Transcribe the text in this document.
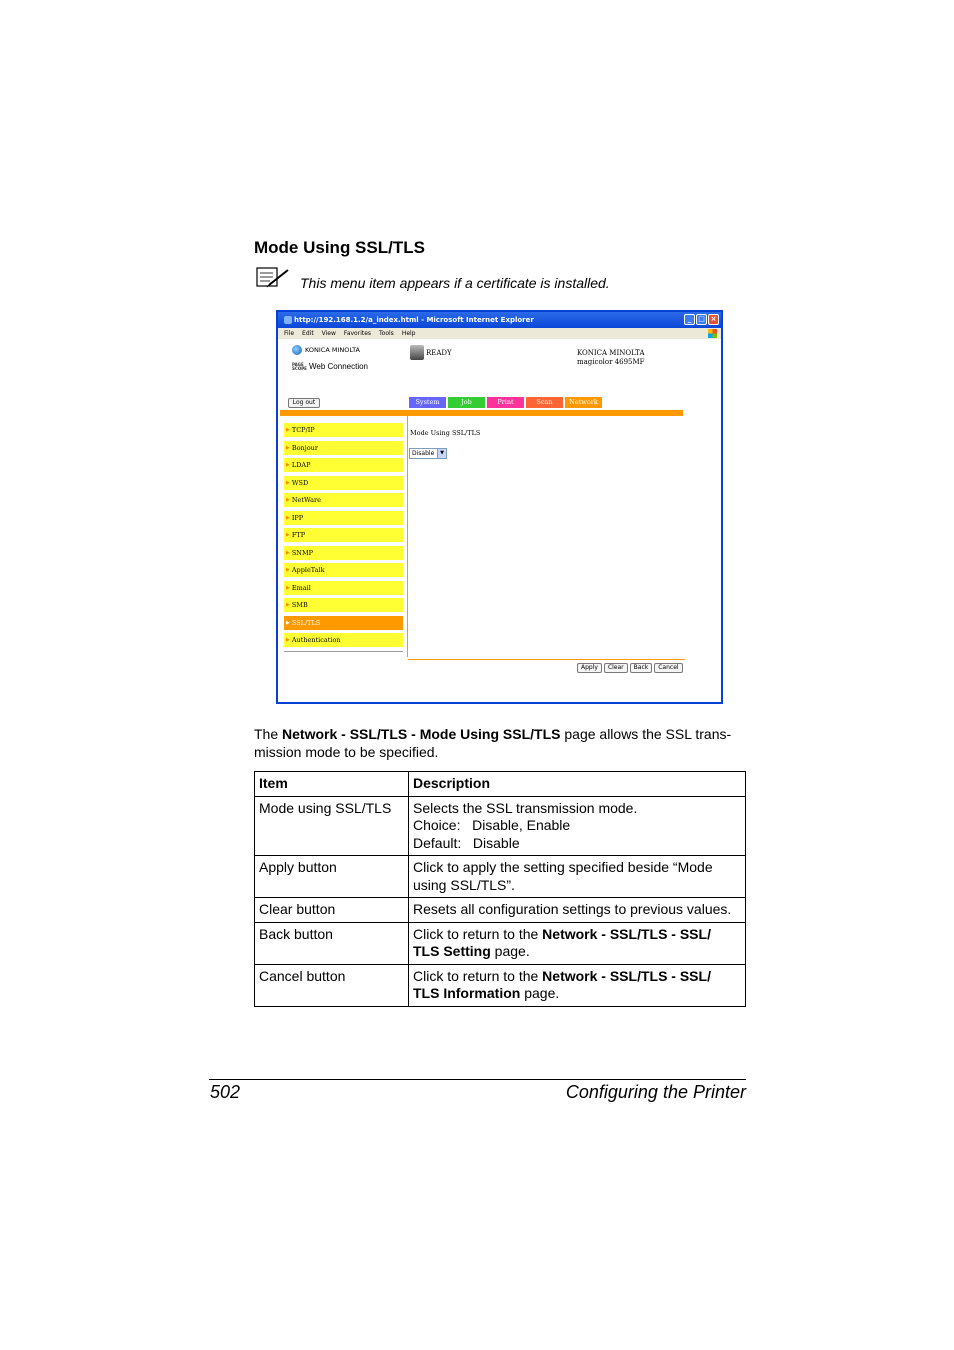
Mode Using SSL/TLS
This menu item appears if a certificate is installed.
http://192.168.1.2/a_index.html - Microsoft Internet Explorer	_ □ ×
File Edit View Favorites Tools Help
KONICA MINOLTA
PAGE SCOPE Web Connection
READY	KONICA MINOLTA
magicolor 4695MF
Log out	System	Job	Print	Scan	Network
▶ TCP/IP
▶ Bonjour
▶ LDAP
▶ WSD
▶ NetWare
▶ IPP
▶ FTP
▶ SNMP
▶ AppleTalk
▶ Email
▶ SMB
▶ SSL/TLS
▶ Authentication
Mode Using SSL/TLS
Disable	▼
Apply	Clear	Back	Cancel
The Network - SSL/TLS - Mode Using SSL/TLS page allows the SSL trans-
mission mode to be specified.
Item	Description
Mode using SSL/TLS	Selects the SSL transmission mode.
Choice:   Disable, Enable
Default:   Disable

Apply button	Click to apply the setting specified beside “Mode
using SSL/TLS”.

Clear button	Resets all configuration settings to previous values.

Back button	Click to return to the Network - SSL/TLS - SSL/
TLS Setting page.
Cancel button	Click to return to the Network - SSL/TLS - SSL/
TLS Information page.
502	Configuring the Printer
